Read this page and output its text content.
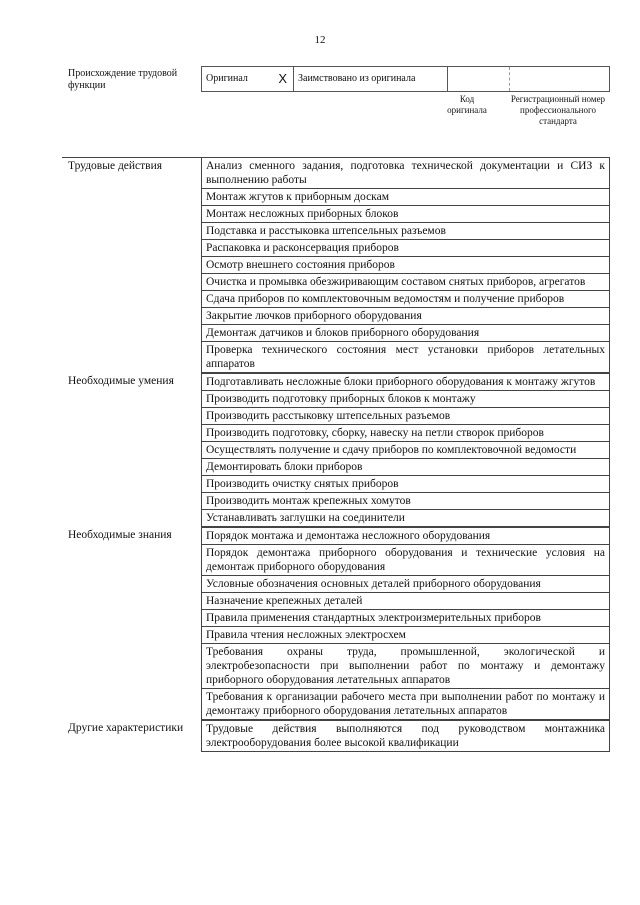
12
Происхождение трудовой функции
Оригинал X	Заимствовано из оригинала
Код оригинала
Регистрационный номер профессионального стандарта
Трудовые действия	Анализ сменного задания, подготовка технической документации и СИЗ к выполнению работы
Монтаж жгутов к приборным доскам
Монтаж несложных приборных блоков
Подставка и расстыковка штепсельных разъемов
Распаковка и расконсервация приборов
Осмотр внешнего состояния приборов
Очистка и промывка обезжиривающим составом снятых приборов, агрегатов
Сдача приборов по комплектовочным ведомостям и получение приборов
Закрытие лючков приборного оборудования
Демонтаж датчиков и блоков приборного оборудования
Проверка технического состояния мест установки приборов летательных аппаратов
Необходимые умения	Подготавливать несложные блоки приборного оборудования к монтажу жгутов
Производить подготовку приборных блоков к монтажу
Производить расстыковку штепсельных разъемов
Производить подготовку, сборку, навеску на петли створок приборов
Осуществлять получение и сдачу приборов по комплектовочной ведомости
Демонтировать блоки приборов
Производить очистку снятых приборов
Производить монтаж крепежных хомутов
Устанавливать заглушки на соединители
Необходимые знания	Порядок монтажа и демонтажа несложного оборудования
Порядок демонтажа приборного оборудования и технические условия на демонтаж приборного оборудования
Условные обозначения основных деталей приборного оборудования
Назначение крепежных деталей
Правила применения стандартных электроизмерительных приборов
Правила чтения несложных электросхем
Требования охраны труда, промышленной, экологической и электробезопасности при выполнении работ по монтажу и демонтажу приборного оборудования летательных аппаратов
Требования к организации рабочего места при выполнении работ по монтажу и демонтажу приборного оборудования летательных аппаратов
Другие характеристики	Трудовые действия выполняются под руководством монтажника электрооборудования более высокой квалификации
